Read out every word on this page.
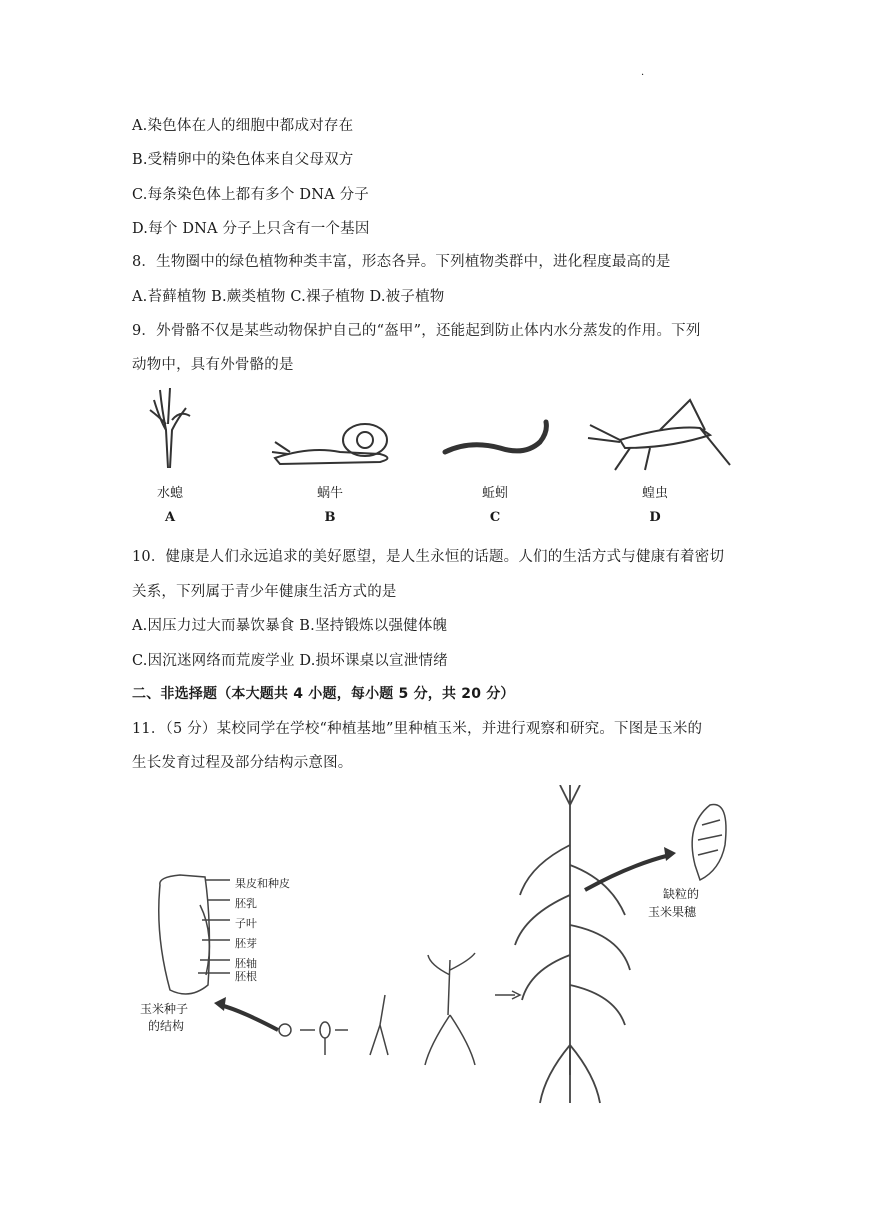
·
A.染色体在人的细胞中都成对存在
B.受精卵中的染色体来自父母双方
C.每条染色体上都有多个 DNA 分子
D.每个 DNA 分子上只含有一个基因
8．生物圈中的绿色植物种类丰富，形态各异。下列植物类群中，进化程度最高的是
A.苔藓植物 B.蕨类植物 C.裸子植物 D.被子植物
9．外骨骼不仅是某些动物保护自己的“盔甲”，还能起到防止体内水分蒸发的作用。下列
动物中，具有外骨骼的是
水螅	蜗牛	蚯蚓	蝗虫
A	B	C	D
10．健康是人们永远追求的美好愿望，是人生永恒的话题。人们的生活方式与健康有着密切
关系，下列属于青少年健康生活方式的是
A.因压力过大而暴饮暴食 B.坚持锻炼以强健体魄
C.因沉迷网络而荒废学业 D.损坏课桌以宣泄情绪
二、非选择题（本大题共 4 小题，每小题 5 分，共 20 分）
11．（5 分）某校同学在学校“种植基地”里种植玉米，并进行观察和研究。下图是玉米的
生长发育过程及部分结构示意图。
果皮和种皮
胚乳
子叶
胚芽
胚轴
胚根
玉米种子
的结构
缺粒的
玉米果穗
